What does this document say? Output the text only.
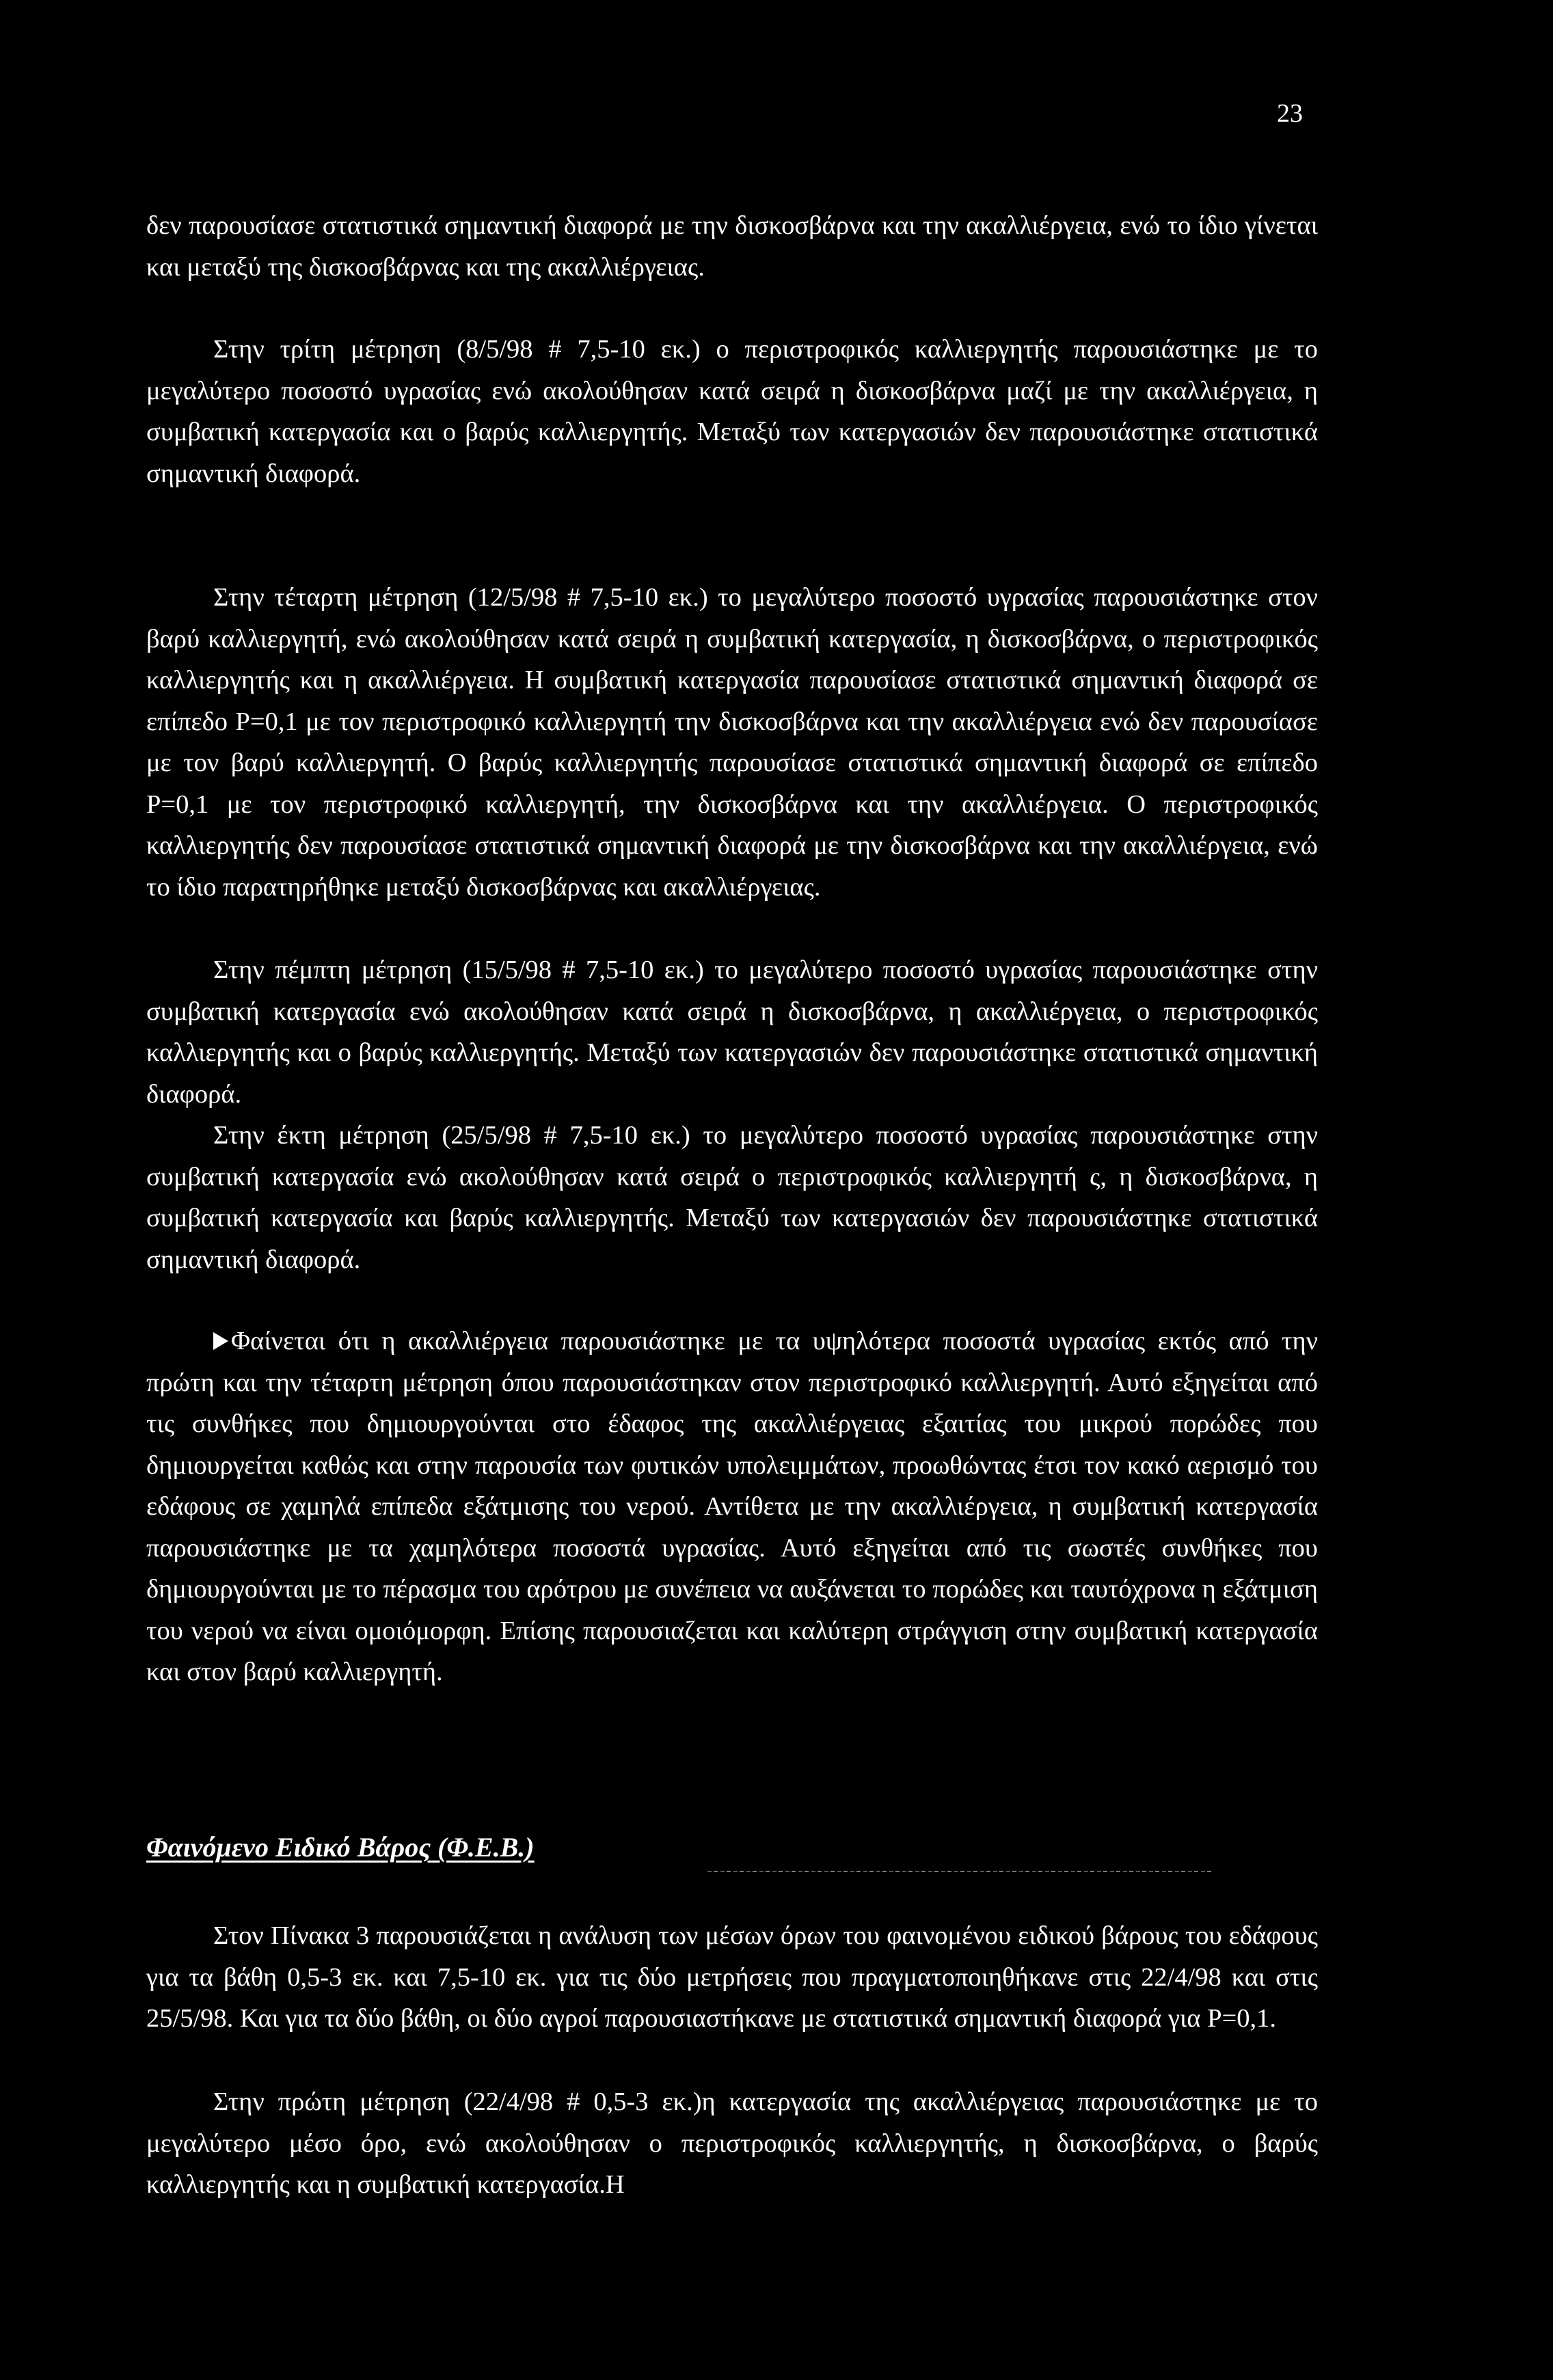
23

δεν παρουσίασε στατιστικά σημαντική διαφορά με την δισκοσβάρνα και την ακαλλιέργεια, ενώ το ίδιο γίνεται και μεταξύ της δισκοσβάρνας και της ακαλλιέργειας.

Στην τρίτη μέτρηση (8/5/98 # 7,5-10 εκ.) ο περιστροφικός καλλιεργητής παρουσιάστηκε με το μεγαλύτερο ποσοστό υγρασίας ενώ ακολούθησαν κατά σειρά η δισκοσβάρνα μαζί με την ακαλλιέργεια, η συμβατική κατεργασία και ο βαρύς καλλιεργητής. Μεταξύ των κατεργασιών δεν παρουσιάστηκε στατιστικά σημαντική διαφορά.

Στην τέταρτη μέτρηση (12/5/98 # 7,5-10 εκ.) το μεγαλύτερο ποσοστό υγρασίας παρουσιάστηκε στον βαρύ καλλιεργητή, ενώ ακολούθησαν κατά σειρά η συμβατική κατεργασία, η δισκοσβάρνα, ο περιστροφικός καλλιεργητής και η ακαλλιέργεια. Η συμβατική κατεργασία παρουσίασε στατιστικά σημαντική διαφορά σε επίπεδο P=0,1 με τον περιστροφικό καλλιεργητή την δισκοσβάρνα και την ακαλλιέργεια ενώ δεν παρουσίασε με τον βαρύ καλλιεργητή. Ο βαρύς καλλιεργητής παρουσίασε στατιστικά σημαντική διαφορά σε επίπεδο P=0,1 με τον περιστροφικό καλλιεργητή, την δισκοσβάρνα και την ακαλλιέργεια. Ο περιστροφικός καλλιεργητής δεν παρουσίασε στατιστικά σημαντική διαφορά με την δισκοσβάρνα και την ακαλλιέργεια, ενώ το ίδιο παρατηρήθηκε μεταξύ δισκοσβάρνας και ακαλλιέργειας.

Στην πέμπτη μέτρηση (15/5/98 # 7,5-10 εκ.) το μεγαλύτερο ποσοστό υγρασίας παρουσιάστηκε στην συμβατική κατεργασία ενώ ακολούθησαν κατά σειρά η δισκοσβάρνα, η ακαλλιέργεια, ο περιστροφικός καλλιεργητής και ο βαρύς καλλιεργητής. Μεταξύ των κατεργασιών δεν παρουσιάστηκε στατιστικά σημαντική διαφορά.

Στην έκτη μέτρηση (25/5/98 # 7,5-10 εκ.) το μεγαλύτερο ποσοστό υγρασίας παρουσιάστηκε στην συμβατική κατεργασία ενώ ακολούθησαν κατά σειρά ο περιστροφικός καλλιεργητή ς, η δισκοσβάρνα, η συμβατική κατεργασία και βαρύς καλλιεργητής. Μεταξύ των κατεργασιών δεν παρουσιάστηκε στατιστικά σημαντική διαφορά.

Φαίνεται ότι η ακαλλιέργεια παρουσιάστηκε με τα υψηλότερα ποσοστά υγρασίας εκτός από την πρώτη και την τέταρτη μέτρηση όπου παρουσιάστηκαν στον περιστροφικό καλλιεργητή. Αυτό εξηγείται από τις συνθήκες που δημιουργούνται στο έδαφος της ακαλλιέργειας εξαιτίας του μικρού πορώδες που δημιουργείται καθώς και στην παρουσία των φυτικών υπολειμμάτων, προωθώντας έτσι τον κακό αερισμό του εδάφους σε χαμηλά επίπεδα εξάτμισης του νερού. Αντίθετα με την ακαλλιέργεια, η συμβατική κατεργασία παρουσιάστηκε με τα χαμηλότερα ποσοστά υγρασίας. Αυτό εξηγείται από τις σωστές συνθήκες που δημιουργούνται με το πέρασμα του αρότρου με συνέπεια να αυξάνεται το πορώδες και ταυτόχρονα η εξάτμιση του νερού να είναι ομοιόμορφη. Επίσης παρουσιαζεται και καλύτερη στράγγιση στην συμβατική κατεργασία και στον βαρύ καλλιεργητή.

Φαινόμενο Ειδικό Βάρος (Φ.Ε.Β.)

Στον Πίνακα 3 παρουσιάζεται η ανάλυση των μέσων όρων του φαινομένου ειδικού βάρους του εδάφους για τα βάθη 0,5-3 εκ. και 7,5-10 εκ. για τις δύο μετρήσεις που πραγματοποιηθήκανε στις 22/4/98 και στις 25/5/98. Και για τα δύο βάθη, οι δύο αγροί παρουσιαστήκανε με στατιστικά σημαντική διαφορά για P=0,1.

Στην πρώτη μέτρηση (22/4/98 # 0,5-3 εκ.)η κατεργασία της ακαλλιέργειας παρουσιάστηκε με το μεγαλύτερο μέσο όρο, ενώ ακολούθησαν ο περιστροφικός καλλιεργητής, η δισκοσβάρνα, ο βαρύς καλλιεργητής και η συμβατική κατεργασία.Η
